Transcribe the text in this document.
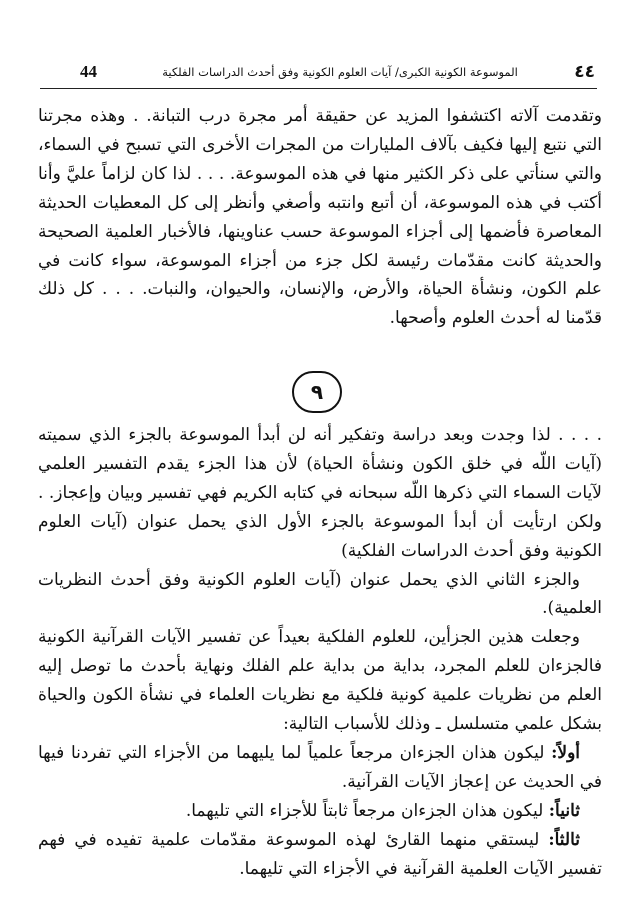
44	الموسوعة الكونية الكبرى/ آيات العلوم الكونية وفق أحدث الدراسات الفلكية	٤٤

وتقدمت آلاته اكتشفوا المزيد عن حقيقة أمر مجرة درب التبانة. . وهذه مجرتنا التي نتبع إليها فكيف بآلاف المليارات من المجرات الأخرى التي تسبح في السماء، والتي سنأتي على ذكر الكثير منها في هذه الموسوعة. . . . لذا كان لزاماً عليَّ وأنا أكتب في هذه الموسوعة، أن أتبع وانتبه وأصغي وأنظر إلى كل المعطيات الحديثة المعاصرة فأضمها إلى أجزاء الموسوعة حسب عناوينها، فالأخبار العلمية الصحيحة والحديثة كانت مقدّمات رئيسة لكل جزء من أجزاء الموسوعة، سواء كانت في علم الكون، ونشأة الحياة، والأرض، والإنسان، والحيوان، والنبات. . . . كل ذلك قدّمنا له أحدث العلوم وأصحها.

٩

. . . . لذا وجدت وبعد دراسة وتفكير أنه لن أبدأ الموسوعة بالجزء الذي سميته (آيات اللّه في خلق الكون ونشأة الحياة) لأن هذا الجزء يقدم التفسير العلمي لآيات السماء التي ذكرها اللّه سبحانه في كتابه الكريم فهي تفسير وبيان وإعجاز. . ولكن ارتأيت أن أبدأ الموسوعة بالجزء الأول الذي يحمل عنوان (آيات العلوم الكونية وفق أحدث الدراسات الفلكية)

والجزء الثاني الذي يحمل عنوان (آيات العلوم الكونية وفق أحدث النظريات العلمية).

وجعلت هذين الجزأين، للعلوم الفلكية بعيداً عن تفسير الآيات القرآنية الكونية فالجزءان للعلم المجرد، بداية من بداية علم الفلك ونهاية بأحدث ما توصل إليه العلم من نظريات علمية كونية فلكية مع نظريات العلماء في نشأة الكون والحياة بشكل علمي متسلسل ـ وذلك للأسباب التالية:

أولاً: ليكون هذان الجزءان مرجعاً علمياً لما يليهما من الأجزاء التي تفردنا فيها في الحديث عن إعجاز الآيات القرآنية.

ثانياً: ليكون هذان الجزءان مرجعاً ثابتاً للأجزاء التي تليهما.

ثالثاً: ليستقي منهما القارئ لهذه الموسوعة مقدّمات علمية تفيده في فهم تفسير الآيات العلمية القرآنية في الأجزاء التي تليهما.
